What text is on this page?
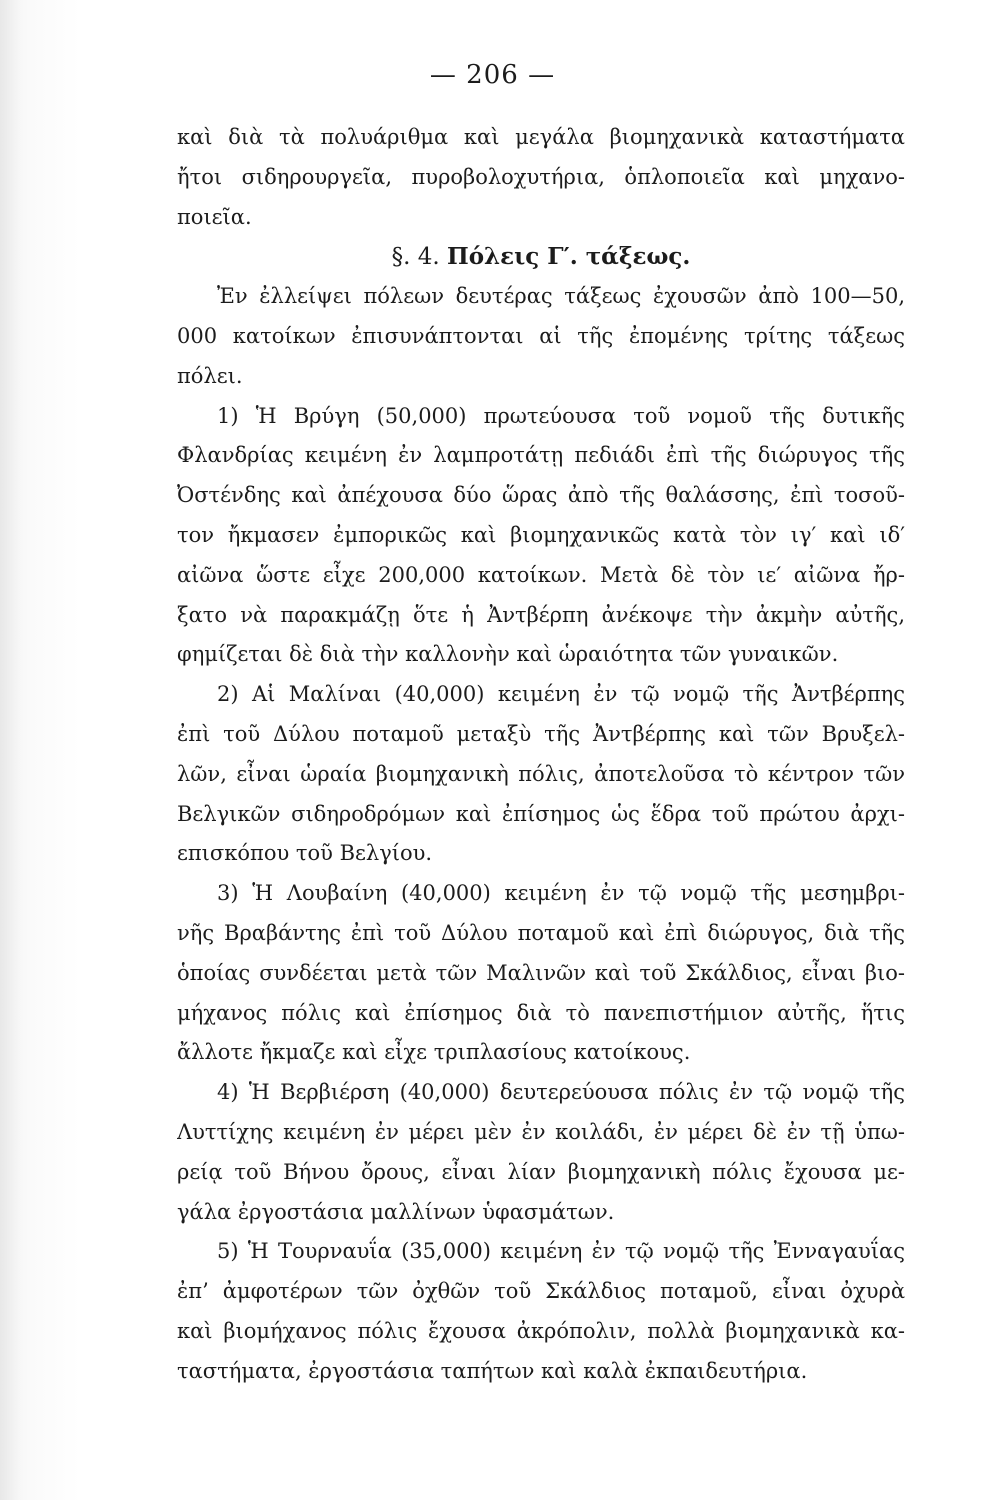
— 206 —
καὶ διὰ τὰ πολυάριθμα καὶ μεγάλα βιομηχανικὰ καταστήματα
ἤτοι σιδηρουργεῖα, πυροβολοχυτήρια, ὁπλοποιεῖα καὶ μηχανο-
ποιεῖα.
§. 4. Πόλεις Γ′. τάξεως.
Ἐν ἐλλείψει πόλεων δευτέρας τάξεως ἐχουσῶν ἀπὸ 100—50,
000 κατοίκων ἐπισυνάπτονται αἱ τῆς ἐπομένης τρίτης τάξεως
πόλει.
1) Ἡ Βρύγη (50,000) πρωτεύουσα τοῦ νομοῦ τῆς δυτικῆς
Φλανδρίας κειμένη ἐν λαμπροτάτῃ πεδιάδι ἐπὶ τῆς διώρυγος τῆς
Ὀστένδης καὶ ἀπέχουσα δύο ὥρας ἀπὸ τῆς θαλάσσης, ἐπὶ τοσοῦ-
τον ἤκμασεν ἐμπορικῶς καὶ βιομηχανικῶς κατὰ τὸν ιγ′ καὶ ιδ′
αἰῶνα ὥστε εἶχε 200,000 κατοίκων. Μετὰ δὲ τὸν ιε′ αἰῶνα ἤρ-
ξατο νὰ παρακμάζῃ ὅτε ἡ Ἀντβέρπη ἀνέκοψε τὴν ἀκμὴν αὐτῆς,
φημίζεται δὲ διὰ τὴν καλλονὴν καὶ ὡραιότητα τῶν γυναικῶν.
2) Αἱ Μαλίναι (40,000) κειμένη ἐν τῷ νομῷ τῆς Ἀντβέρπης
ἐπὶ τοῦ Δύλου ποταμοῦ μεταξὺ τῆς Ἀντβέρπης καὶ τῶν Βρυξελ-
λῶν, εἶναι ὡραία βιομηχανικὴ πόλις, ἀποτελοῦσα τὸ κέντρον τῶν
Βελγικῶν σιδηροδρόμων καὶ ἐπίσημος ὡς ἕδρα τοῦ πρώτου ἀρχι-
επισκόπου τοῦ Βελγίου.
3) Ἡ Λουβαίνη (40,000) κειμένη ἐν τῷ νομῷ τῆς μεσημβρι-
νῆς Βραβάντης ἐπὶ τοῦ Δύλου ποταμοῦ καὶ ἐπὶ διώρυγος, διὰ τῆς
ὁποίας συνδέεται μετὰ τῶν Μαλινῶν καὶ τοῦ Σκάλδιος, εἶναι βιο-
μήχανος πόλις καὶ ἐπίσημος διὰ τὸ πανεπιστήμιον αὐτῆς, ἥτις
ἄλλοτε ἤκμαζε καὶ εἶχε τριπλασίους κατοίκους.
4) Ἡ Βερβιέρση (40,000) δευτερεύουσα πόλις ἐν τῷ νομῷ τῆς
Λυττίχης κειμένη ἐν μέρει μὲν ἐν κοιλάδι, ἐν μέρει δὲ ἐν τῇ ὑπω-
ρείᾳ τοῦ Βήνου ὄρους, εἶναι λίαν βιομηχανικὴ πόλις ἔχουσα με-
γάλα ἐργοστάσια μαλλίνων ὑφασμάτων.
5) Ἡ Τουρναυΐα (35,000) κειμένη ἐν τῷ νομῷ τῆς Ἐνναγαυΐας
ἐπ’ ἀμφοτέρων τῶν ὀχθῶν τοῦ Σκάλδιος ποταμοῦ, εἶναι ὀχυρὰ
καὶ βιομήχανος πόλις ἔχουσα ἀκρόπολιν, πολλὰ βιομηχανικὰ κα-
ταστήματα, ἐργοστάσια ταπήτων καὶ καλὰ ἐκπαιδευτήρια.
